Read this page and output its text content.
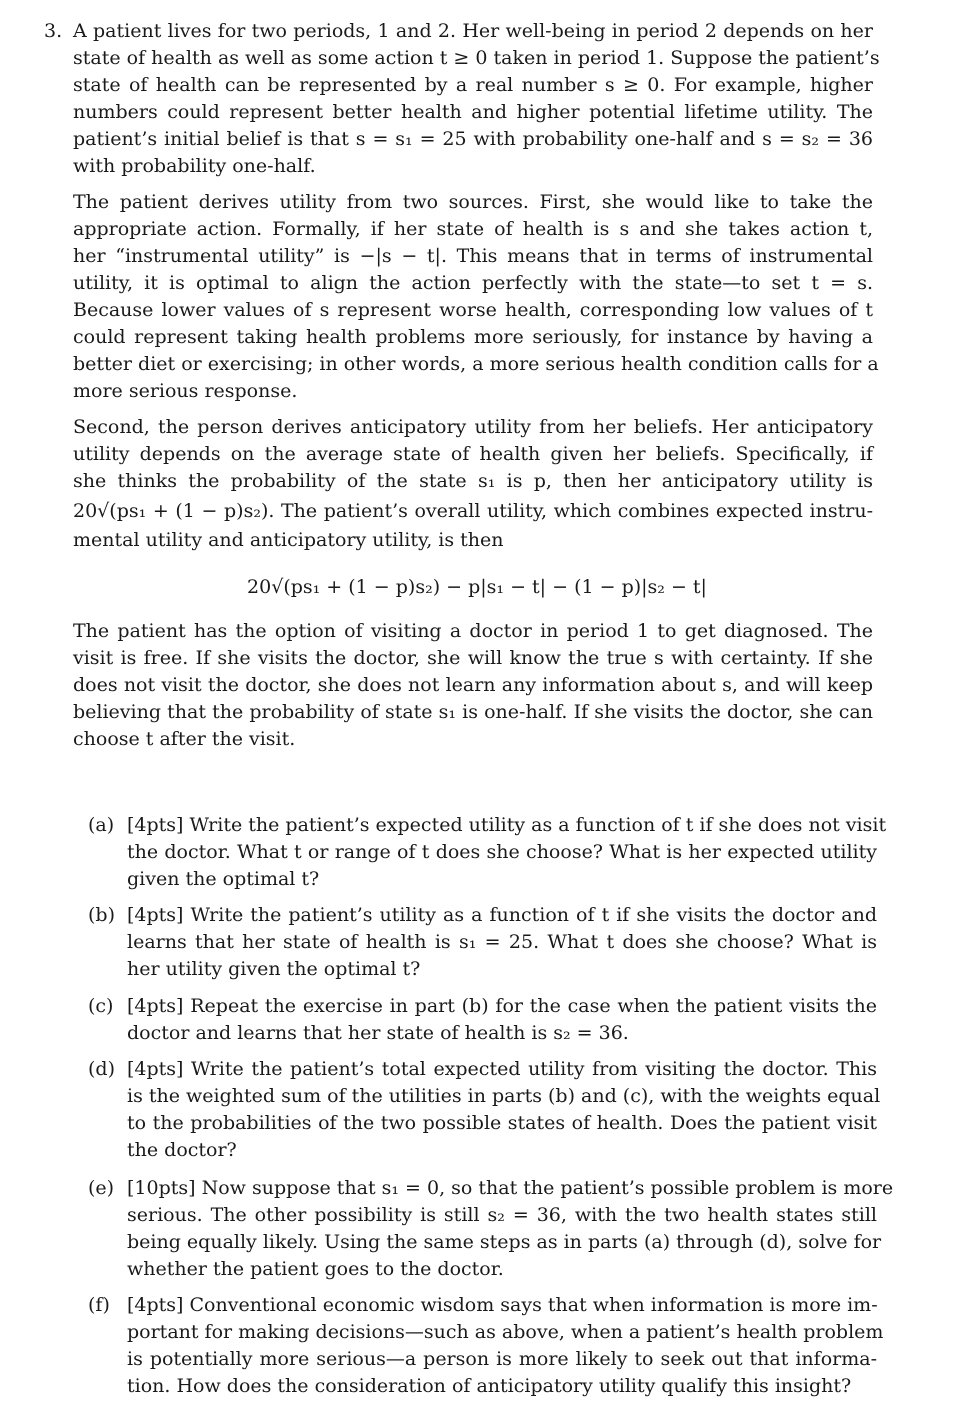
3. A patient lives for two periods, 1 and 2. Her well-being in period 2 depends on her
state of health as well as some action t ≥ 0 taken in period 1. Suppose the patient’s
state of health can be represented by a real number s ≥ 0. For example, higher
numbers could represent better health and higher potential lifetime utility. The
patient’s initial belief is that s = s₁ = 25 with probability one-half and s = s₂ = 36
with probability one-half.
The patient derives utility from two sources. First, she would like to take the
appropriate action. Formally, if her state of health is s and she takes action t,
her “instrumental utility” is −|s − t|. This means that in terms of instrumental
utility, it is optimal to align the action perfectly with the state—to set t = s.
Because lower values of s represent worse health, corresponding low values of t
could represent taking health problems more seriously, for instance by having a
better diet or exercising; in other words, a more serious health condition calls for a
more serious response.
Second, the person derives anticipatory utility from her beliefs. Her anticipatory
utility depends on the average state of health given her beliefs. Specifically, if
she thinks the probability of the state s₁ is p, then her anticipatory utility is
20√(ps₁ + (1 − p)s₂). The patient’s overall utility, which combines expected instru-
mental utility and anticipatory utility, is then
20√(ps₁ + (1 − p)s₂) − p|s₁ − t| − (1 − p)|s₂ − t|
The patient has the option of visiting a doctor in period 1 to get diagnosed. The
visit is free. If she visits the doctor, she will know the true s with certainty. If she
does not visit the doctor, she does not learn any information about s, and will keep
believing that the probability of state s₁ is one-half. If she visits the doctor, she can
choose t after the visit.
(a) [4pts] Write the patient’s expected utility as a function of t if she does not visit
the doctor. What t or range of t does she choose? What is her expected utility
given the optimal t?
(b) [4pts] Write the patient’s utility as a function of t if she visits the doctor and
learns that her state of health is s₁ = 25. What t does she choose? What is
her utility given the optimal t?
(c) [4pts] Repeat the exercise in part (b) for the case when the patient visits the
doctor and learns that her state of health is s₂ = 36.
(d) [4pts] Write the patient’s total expected utility from visiting the doctor. This
is the weighted sum of the utilities in parts (b) and (c), with the weights equal
to the probabilities of the two possible states of health. Does the patient visit
the doctor?
(e) [10pts] Now suppose that s₁ = 0, so that the patient’s possible problem is more
serious. The other possibility is still s₂ = 36, with the two health states still
being equally likely. Using the same steps as in parts (a) through (d), solve for
whether the patient goes to the doctor.
(f) [4pts] Conventional economic wisdom says that when information is more im-
portant for making decisions—such as above, when a patient’s health problem
is potentially more serious—a person is more likely to seek out that informa-
tion. How does the consideration of anticipatory utility qualify this insight?
